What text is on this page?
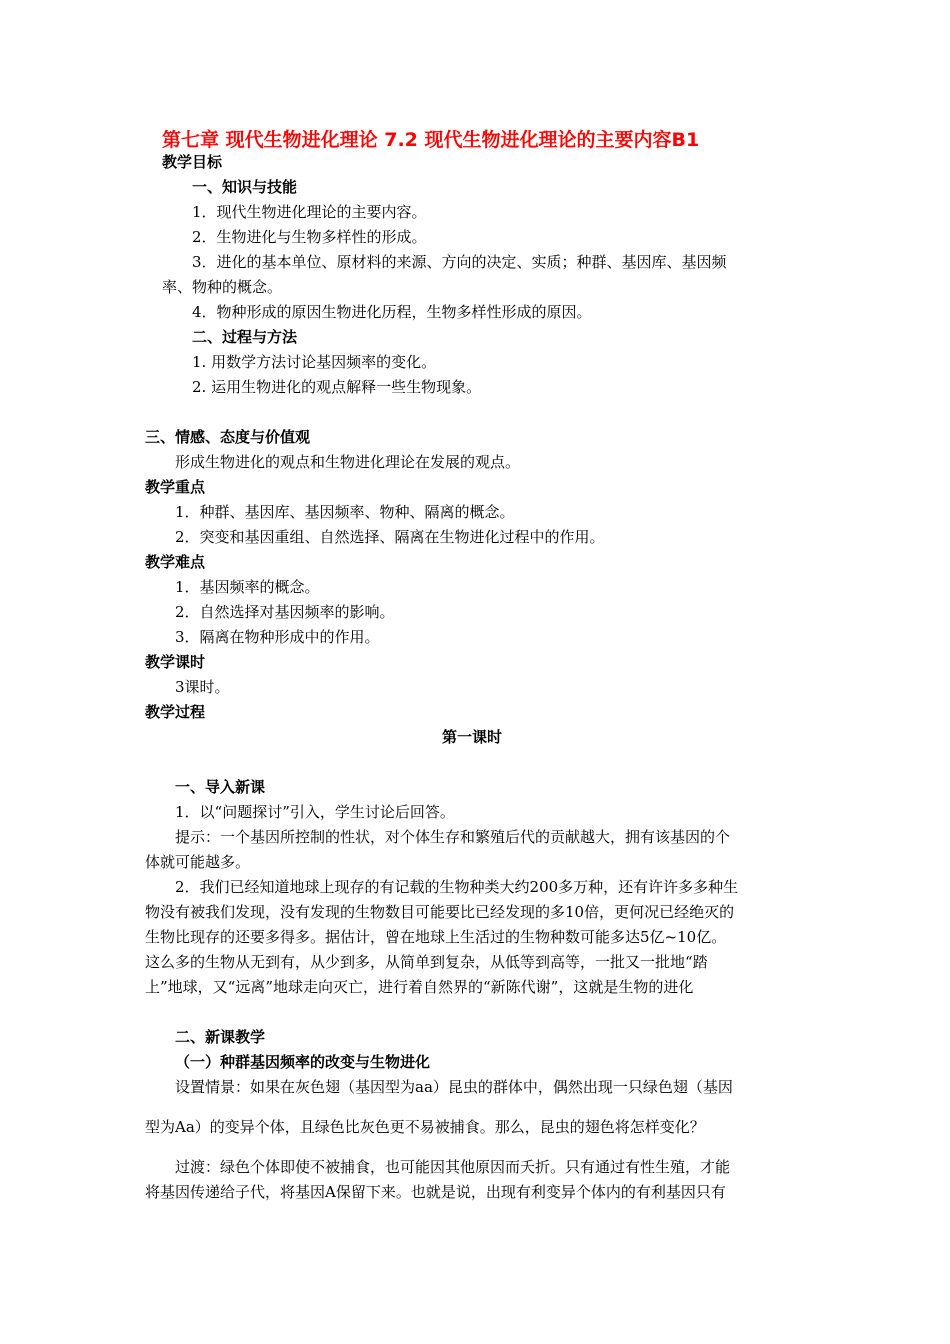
第七章 现代生物进化理论 7.2 现代生物进化理论的主要内容B1
教学目标
一、知识与技能
1．现代生物进化理论的主要内容。
2．生物进化与生物多样性的形成。
3．进化的基本单位、原材料的来源、方向的决定、实质；种群、基因库、基因频
率、物种的概念。
4．物种形成的原因生物进化历程，生物多样性形成的原因。
二、过程与方法
1. 用数学方法讨论基因频率的变化。
2. 运用生物进化的观点解释一些生物现象。
三、情感、态度与价值观
形成生物进化的观点和生物进化理论在发展的观点。
教学重点
1．种群、基因库、基因频率、物种、隔离的概念。
2．突变和基因重组、自然选择、隔离在生物进化过程中的作用。
教学难点
1．基因频率的概念。
2．自然选择对基因频率的影响。
3．隔离在物种形成中的作用。
教学课时
3课时。
教学过程
第一课时
一、导入新课
1．以“问题探讨”引入，学生讨论后回答。
提示：一个基因所控制的性状，对个体生存和繁殖后代的贡献越大，拥有该基因的个
体就可能越多。
2．我们已经知道地球上现存的有记载的生物种类大约200多万种，还有许许多多种生
物没有被我们发现，没有发现的生物数目可能要比已经发现的多10倍，更何况已经绝灭的
生物比现存的还要多得多。据估计，曾在地球上生活过的生物种数可能多达5亿~10亿。
这么多的生物从无到有，从少到多，从简单到复杂，从低等到高等，一批又一批地“踏
上”地球，又“远离”地球走向灭亡，进行着自然界的“新陈代谢”，这就是生物的进化
二、新课教学
（一）种群基因频率的改变与生物进化
设置情景：如果在灰色翅（基因型为aa）昆虫的群体中，偶然出现一只绿色翅（基因
型为Aa）的变异个体，且绿色比灰色更不易被捕食。那么，昆虫的翅色将怎样变化？
过渡：绿色个体即使不被捕食，也可能因其他原因而夭折。只有通过有性生殖，才能
将基因传递给子代，将基因A保留下来。也就是说，出现有利变异个体内的有利基因只有
